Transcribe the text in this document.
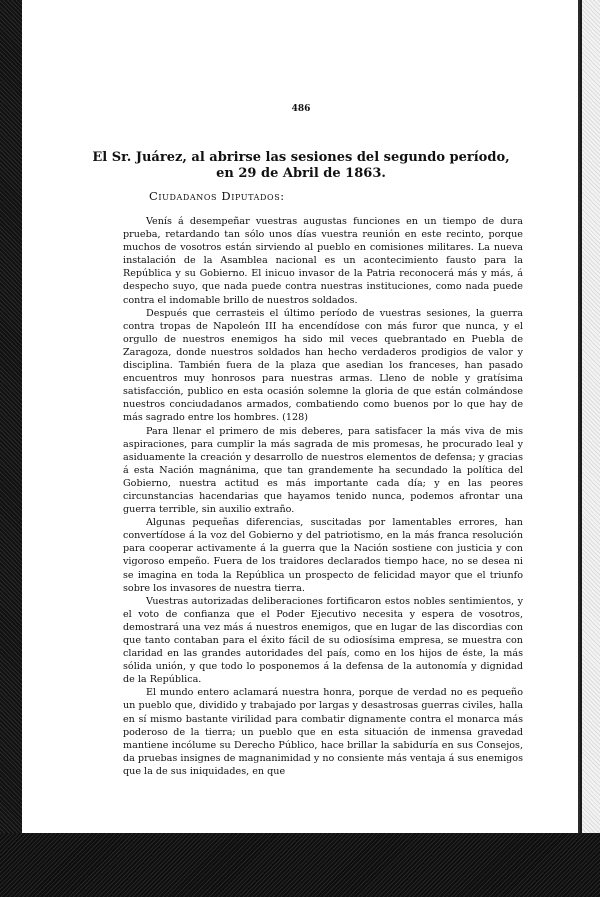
486
El Sr. Juárez, al abrirse las sesiones del segundo período,
en 29 de Abril de 1863.
Ciudadanos Diputados:

Venís á desempeñar vuestras augustas funciones en un tiempo de dura prueba, retardando tan sólo unos días vuestra reunión en este recinto, porque muchos de vosotros están sirviendo al pueblo en comisiones militares. La nueva instalación de la Asamblea nacional es un acontecimiento fausto para la República y su Gobierno. El inicuo invasor de la Patria reconocerá más y más, á despecho suyo, que nada puede contra nuestras instituciones, como nada puede contra el indomable brillo de nuestros soldados.

Después que cerrasteis el último período de vuestras sesiones, la guerra contra tropas de Napoleón III ha encendídose con más furor que nunca, y el orgullo de nuestros enemigos ha sido mil veces quebrantado en Puebla de Zaragoza, donde nuestros soldados han hecho verdaderos prodigios de valor y disciplina. También fuera de la plaza que asedian los franceses, han pasado encuentros muy honrosos para nuestras armas. Lleno de noble y gratísima satisfacción, publico en esta ocasión solemne la gloria de que están colmándose nuestros conciudadanos armados, combatiendo como buenos por lo que hay de más sagrado entre los hombres. (128)

Para llenar el primero de mis deberes, para satisfacer la más viva de mis aspiraciones, para cumplir la más sagrada de mis promesas, he procurado leal y asiduamente la creación y desarrollo de nuestros elementos de defensa; y gracias á esta Nación magnánima, que tan grandemente ha secundado la política del Gobierno, nuestra actitud es más importante cada día; y en las peores circunstancias hacendarias que hayamos tenido nunca, podemos afrontar una guerra terrible, sin auxilio extraño.

Algunas pequeñas diferencias, suscitadas por lamentables errores, han convertídose á la voz del Gobierno y del patriotismo, en la más franca resolución para cooperar activamente á la guerra que la Nación sostiene con justicia y con vigoroso empeño. Fuera de los traidores declarados tiempo hace, no se desea ni se imagina en toda la República un prospecto de felicidad mayor que el triunfo sobre los invasores de nuestra tierra.

Vuestras autorizadas deliberaciones fortificaron estos nobles sentimientos, y el voto de confianza que el Poder Ejecutivo necesita y espera de vosotros, demostrará una vez más á nuestros enemigos, que en lugar de las discordias con que tanto contaban para el éxito fácil de su odiosísima empresa, se muestra con claridad en las grandes autoridades del país, como en los hijos de éste, la más sólida unión, y que todo lo posponemos á la defensa de la autonomía y dignidad de la República.

El mundo entero aclamará nuestra honra, porque de verdad no es pequeño un pueblo que, dividido y trabajado por largas y desastrosas guerras civiles, halla en sí mismo bastante virilidad para combatir dignamente contra el monarca más poderoso de la tierra; un pueblo que en esta situación de inmensa gravedad mantiene incólume su Derecho Público, hace brillar la sabiduría en sus Consejos, da pruebas insignes de magnanimidad y no consiente más ventaja á sus enemigos que la de sus iniquidades, en que
